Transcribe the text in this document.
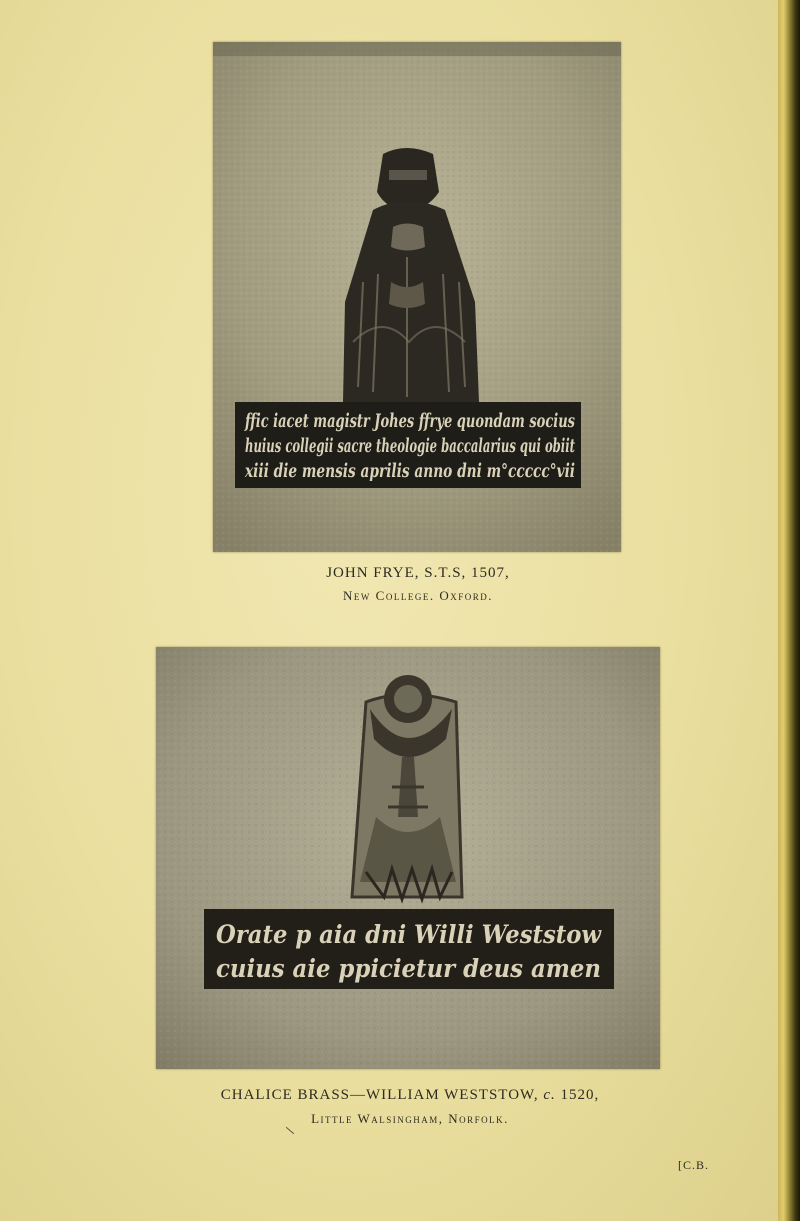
ffic iacet magistr Johes ffrye quondam socius
huius collegii sacre theologie baccalarius qui obiit
xiii die mensis aprilis anno dni m°ccccc°vii
JOHN FRYE, S.T.S, 1507,
New College. Oxford.
Orate p aia dni Willi Weststow
cuius aie ppicietur deus amen
CHALICE BRASS—WILLIAM WESTSTOW, c. 1520,
Little Walsingham, Norfolk.
[C.B.
